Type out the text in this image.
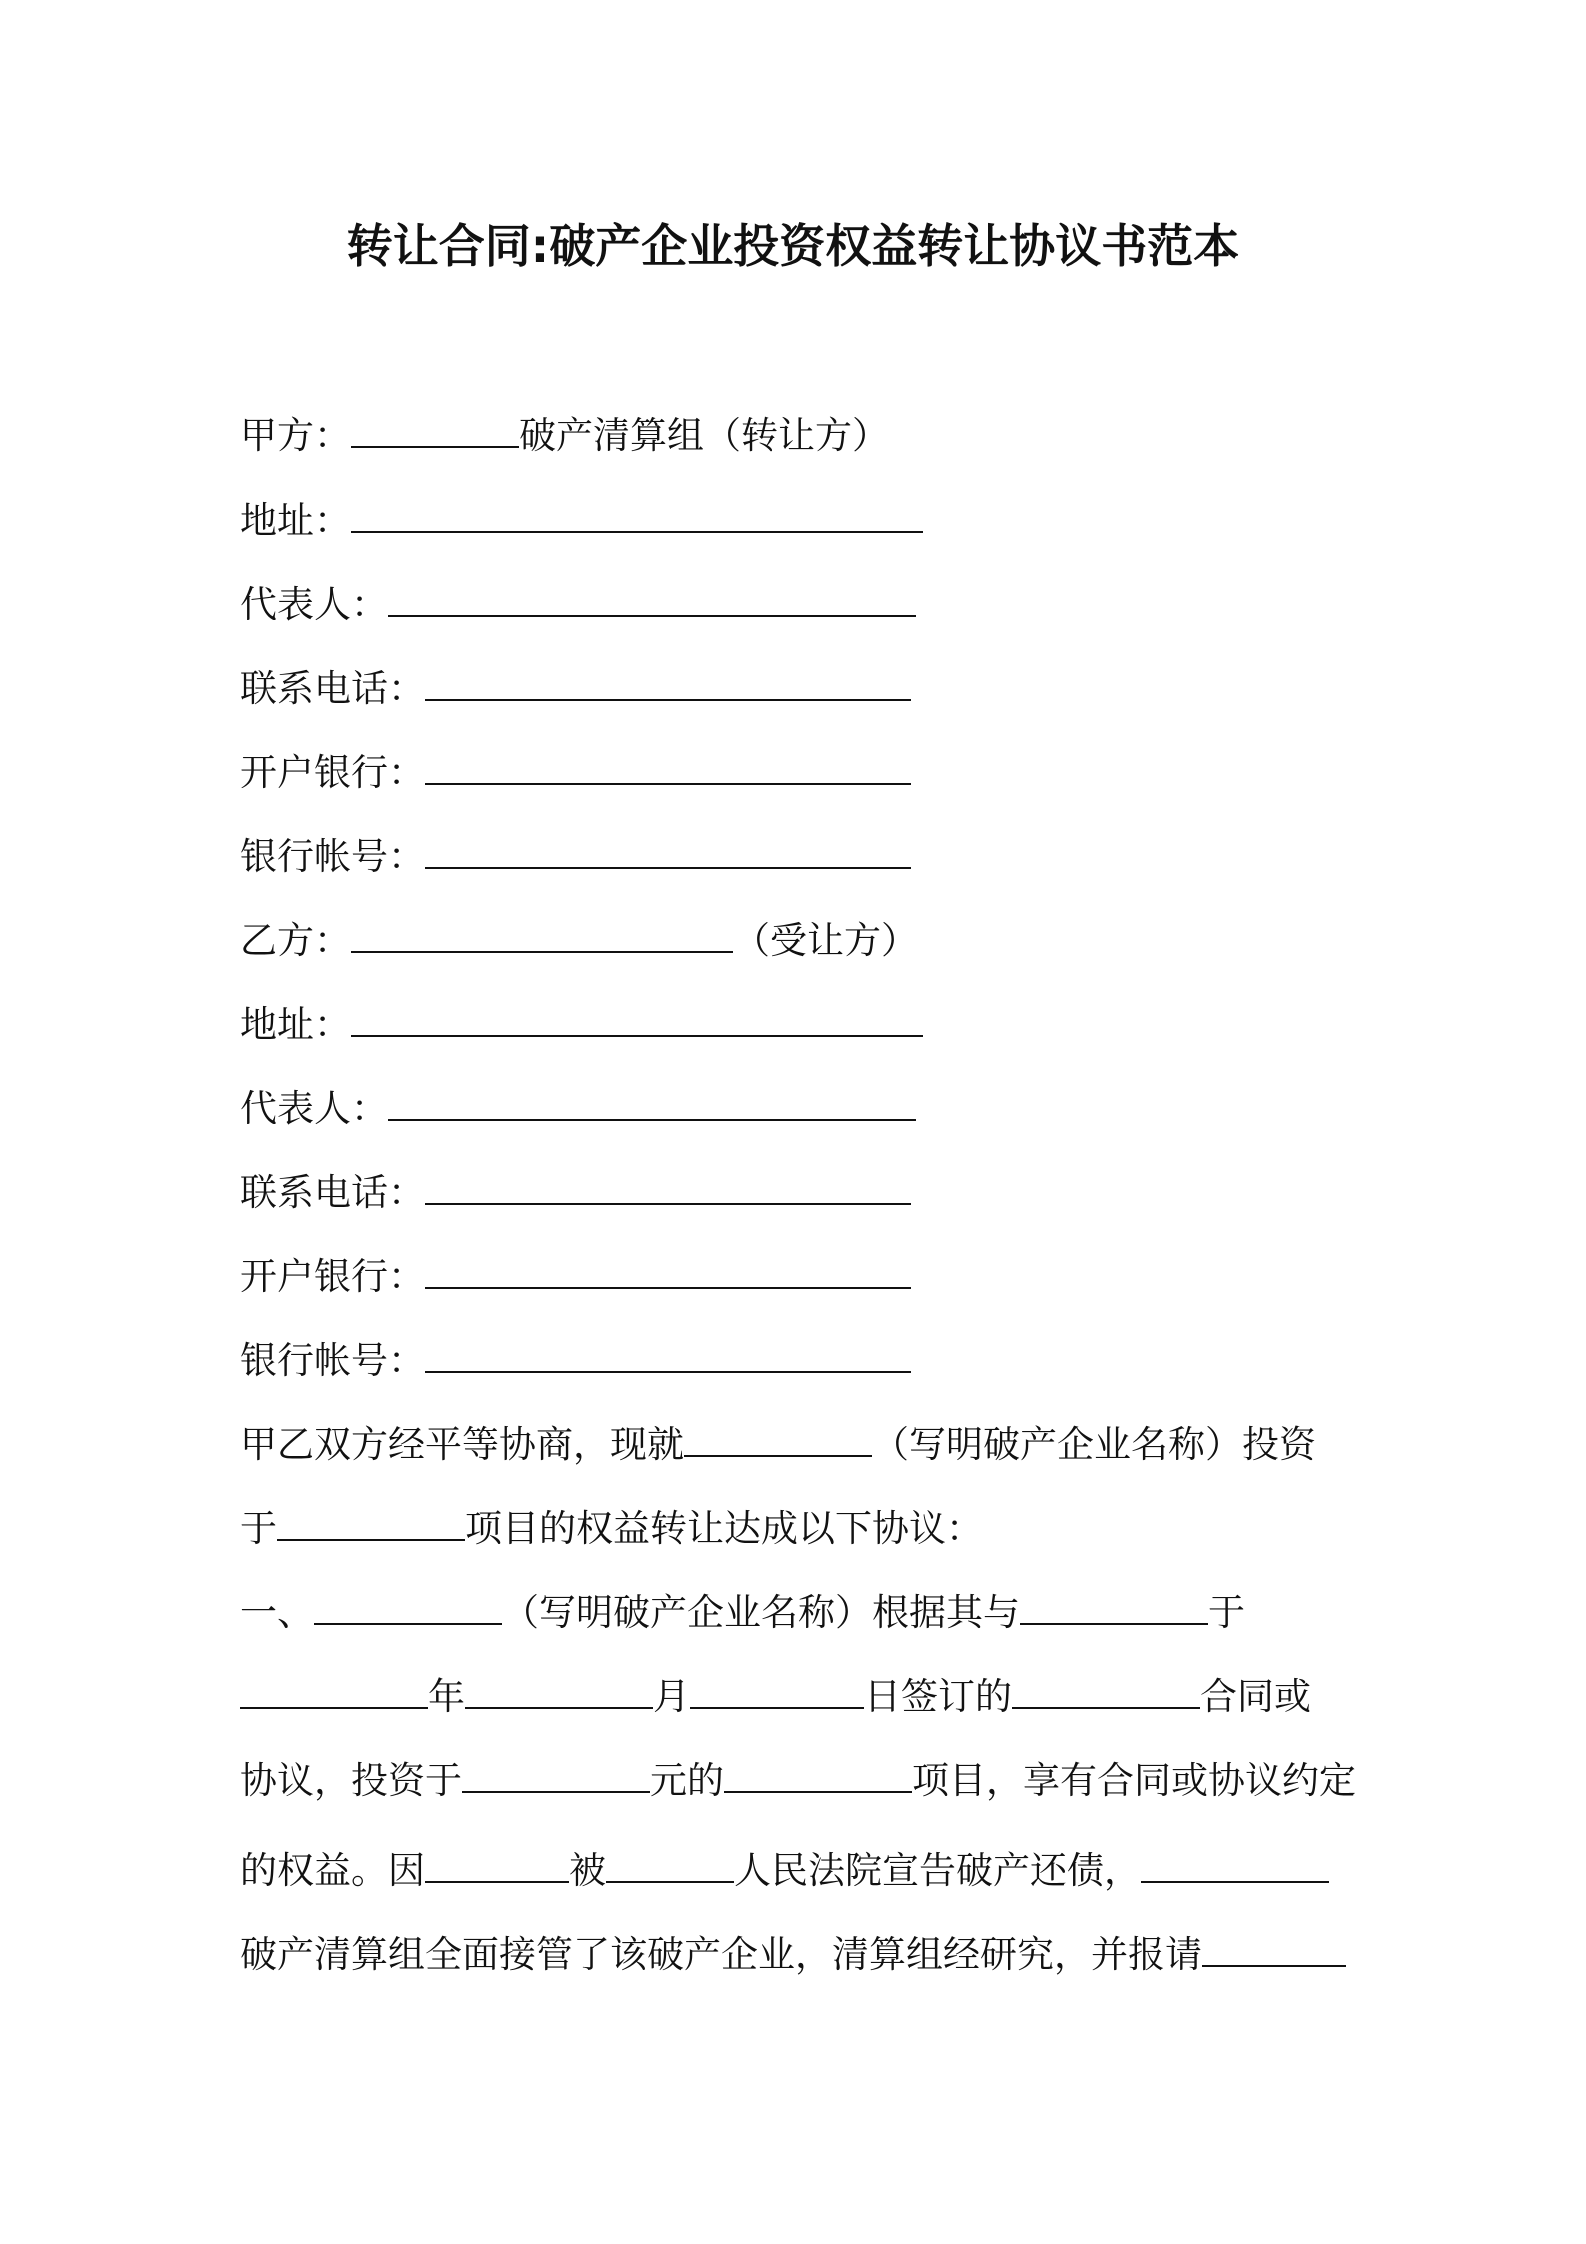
转让合同:破产企业投资权益转让协议书范本
甲方：	破产清算组（转让方）
地址：
代表人：
联系电话：
开户银行：
银行帐号：
乙方：	（受让方）
地址：
代表人：
联系电话：
开户银行：
银行帐号：
甲乙双方经平等协商，现就	（写明破产企业名称）投资
于	项目的权益转让达成以下协议：
一、	（写明破产企业名称）根据其与	于
年	月	日签订的	合同或
协议，投资于	元的	项目，享有合同或协议约定
的权益。因	被	人民法院宣告破产还债，
破产清算组全面接管了该破产企业，清算组经研究，并报请
